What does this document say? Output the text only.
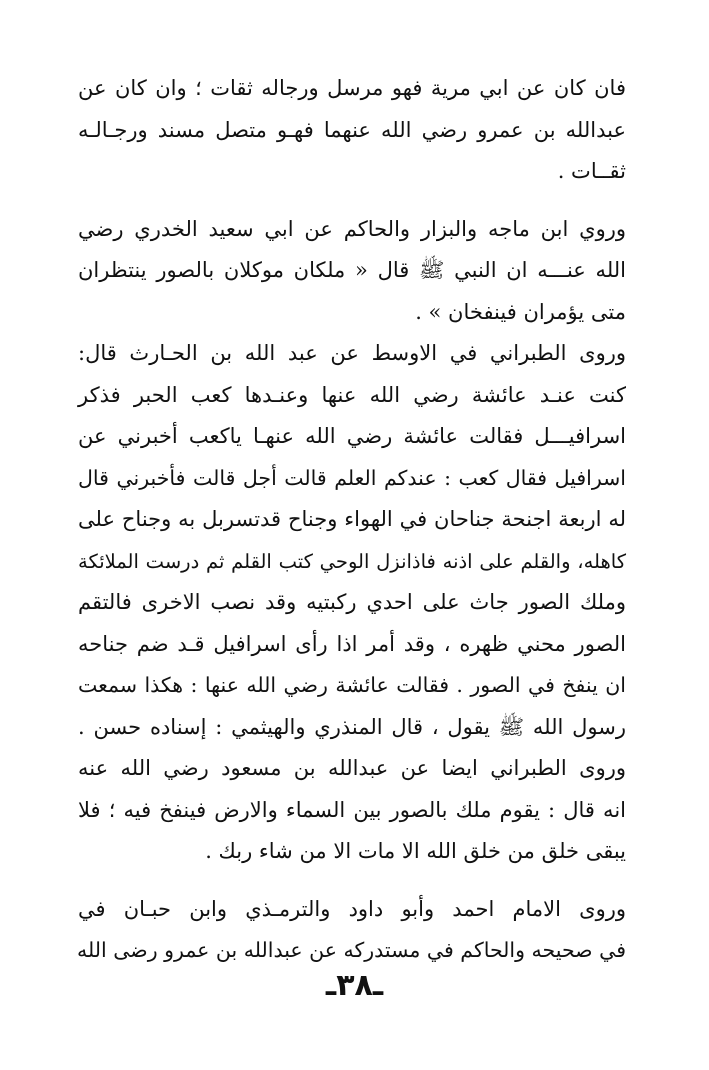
فان كان عن ابي مرية فهو مرسل ورجاله ثقات ؛ وان كان عن
عبدالله بن عمرو رضي الله عنهما فهـو متصل مسند ورجـالـه
ثقــات .
وروي ابن ماجه والبزار والحاكم عن ابي سعيد الخدري رضي
الله عنـــه ان النبي ﷺ قال « ملكان موكلان بالصور ينتظران
متى يؤمران فينفخان » .
وروى الطبراني في الاوسط عن عبد الله بن الحـارث قال:
كنت عنـد عائشة رضي الله عنها وعنـدها كعب الحبر فذكر
اسرافيـــل فقالت عائشة رضي الله عنهـا ياكعب أخبرني عن
اسرافيل فقال كعب : عندكم العلم قالت أجل قالت فأخبرني قال
له اربعة اجنحة جناحان في الهواء وجناح قدتسربل به وجناح على
كاهله، والقلم على اذنه فاذانزل الوحي كتب القلم ثم درست الملائكة
وملك الصور جاث على احدي ركبتيه وقد نصب الاخرى فالتقم
الصور محني ظهره ، وقد أمر اذا رأى اسرافيل قـد ضم جناحه
ان ينفخ في الصور . فقالت عائشة رضي الله عنها : هكذا سمعت
رسول الله ﷺ يقول ، قال المنذري والهيثمي : إسناده حسن .
وروى الطبراني ايضا عن عبدالله بن مسعود رضي الله عنه
انه قال : يقوم ملك بالصور بين السماء والارض فينفخ فيه ؛ فلا
يبقى خلق من خلق الله الا مات الا من شاء ربك .
وروى الامام احمد وأبو داود والترمـذي وابن حبـان في
في صحيحه والحاكم في مستدركه عن عبدالله بن عمرو رضى الله
ـ٣٨ـ
